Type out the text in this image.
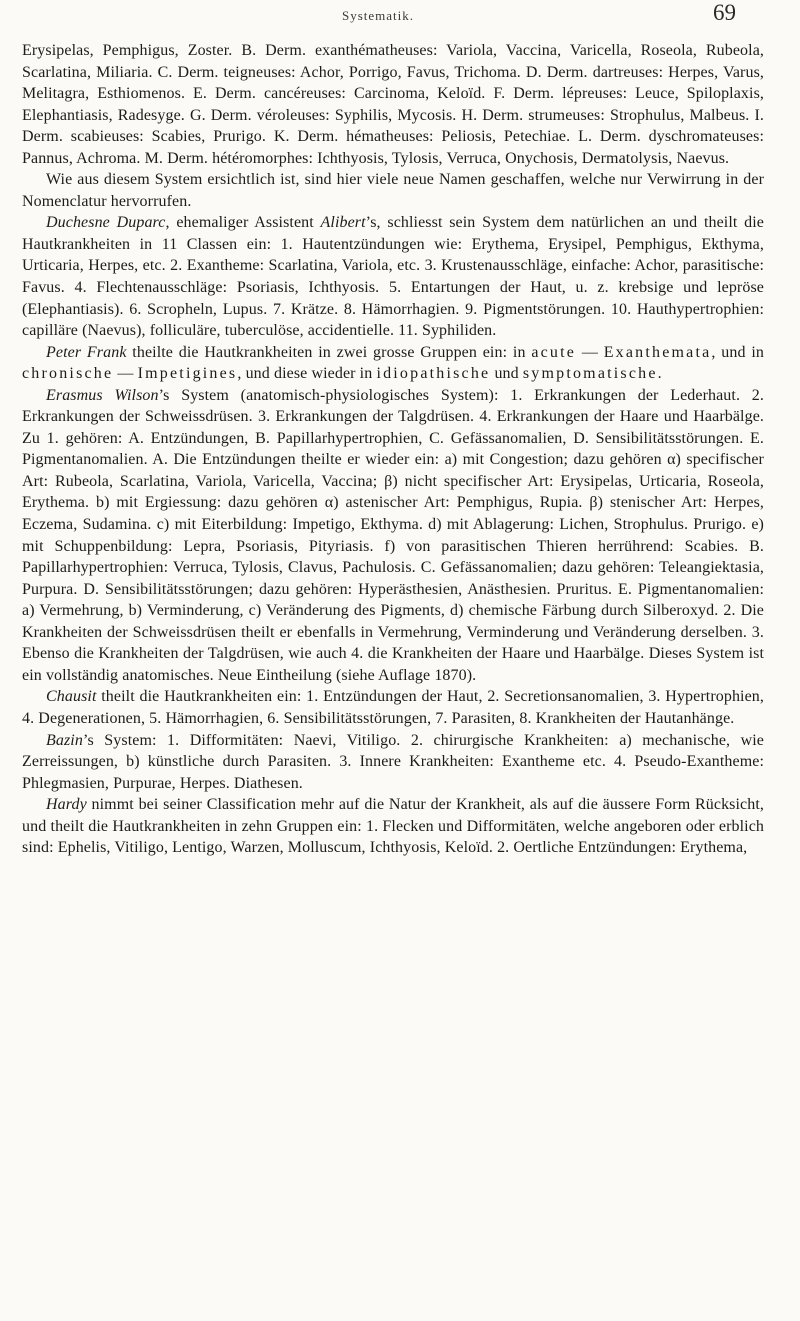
Systematik.	69

Erysipelas, Pemphigus, Zoster. B. Derm. exanthématheuses: Variola, Vaccina, Varicella, Roseola, Rubeola, Scarlatina, Miliaria. C. Derm. teigneuses: Achor, Porrigo, Favus, Trichoma. D. Derm. dartreuses: Herpes, Varus, Melitagra, Esthiomenos. E. Derm. cancéreuses: Carcinoma, Keloïd. F. Derm. lépreuses: Leuce, Spiloplaxis, Elephantiasis, Radesyge. G. Derm. véroleuses: Syphilis, Mycosis. H. Derm. strumeuses: Strophulus, Malbeus. I. Derm. scabieuses: Scabies, Prurigo. K. Derm. hématheuses: Peliosis, Petechiae. L. Derm. dyschromateuses: Pannus, Achroma. M. Derm. hétéromorphes: Ichthyosis, Tylosis, Verruca, Onychosis, Dermatolysis, Naevus.

Wie aus diesem System ersichtlich ist, sind hier viele neue Namen geschaffen, welche nur Verwirrung in der Nomenclatur hervorrufen.

Duchesne Duparc, ehemaliger Assistent Alibert’s, schliesst sein System dem natürlichen an und theilt die Hautkrankheiten in 11 Classen ein: 1. Hautentzündungen wie: Erythema, Erysipel, Pemphigus, Ekthyma, Urticaria, Herpes, etc. 2. Exantheme: Scarlatina, Variola, etc. 3. Krustenausschläge, einfache: Achor, parasitische: Favus. 4. Flechtenausschläge: Psoriasis, Ichthyosis. 5. Entartungen der Haut, u. z. krebsige und lepröse (Elephantiasis). 6. Scropheln, Lupus. 7. Krätze. 8. Hämorrhagien. 9. Pigmentstörungen. 10. Hauthypertrophien: capilläre (Naevus), folliculäre, tuberculöse, accidentielle. 11. Syphiliden.

Peter Frank theilte die Hautkrankheiten in zwei grosse Gruppen ein: in acute — Exanthemata, und in chronische — Impetigines, und diese wieder in idiopathische und symptomatische.

Erasmus Wilson’s System (anatomisch-physiologisches System): 1. Erkrankungen der Lederhaut. 2. Erkrankungen der Schweissdrüsen. 3. Erkrankungen der Talgdrüsen. 4. Erkrankungen der Haare und Haarbälge. Zu 1. gehören: A. Entzündungen, B. Papillarhypertrophien, C. Gefässanomalien, D. Sensibilitätsstörungen. E. Pigmentanomalien. A. Die Entzündungen theilte er wieder ein: a) mit Congestion; dazu gehören α) specifischer Art: Rubeola, Scarlatina, Variola, Varicella, Vaccina; β) nicht specifischer Art: Erysipelas, Urticaria, Roseola, Erythema. b) mit Ergiessung: dazu gehören α) astenischer Art: Pemphigus, Rupia. β) stenischer Art: Herpes, Eczema, Sudamina. c) mit Eiterbildung: Impetigo, Ekthyma. d) mit Ablagerung: Lichen, Strophulus. Prurigo. e) mit Schuppenbildung: Lepra, Psoriasis, Pityriasis. f) von parasitischen Thieren herrührend: Scabies. B. Papillarhypertrophien: Verruca, Tylosis, Clavus, Pachulosis. C. Gefässanomalien; dazu gehören: Teleangiektasia, Purpura. D. Sensibilitätsstörungen; dazu gehören: Hyperästhesien, Anästhesien. Pruritus. E. Pigmentanomalien: a) Vermehrung, b) Verminderung, c) Veränderung des Pigments, d) chemische Färbung durch Silberoxyd. 2. Die Krankheiten der Schweissdrüsen theilt er ebenfalls in Vermehrung, Verminderung und Veränderung derselben. 3. Ebenso die Krankheiten der Talgdrüsen, wie auch 4. die Krankheiten der Haare und Haarbälge. Dieses System ist ein vollständig anatomisches. Neue Eintheilung (siehe Auflage 1870).

Chausit theilt die Hautkrankheiten ein: 1. Entzündungen der Haut, 2. Secretionsanomalien, 3. Hypertrophien, 4. Degenerationen, 5. Hämorrhagien, 6. Sensibilitätsstörungen, 7. Parasiten, 8. Krankheiten der Hautanhänge.

Bazin’s System: 1. Difformitäten: Naevi, Vitiligo. 2. chirurgische Krankheiten: a) mechanische, wie Zerreissungen, b) künstliche durch Parasiten. 3. Innere Krankheiten: Exantheme etc. 4. Pseudo-Exantheme: Phlegmasien, Purpurae, Herpes. Diathesen.

Hardy nimmt bei seiner Classification mehr auf die Natur der Krankheit, als auf die äussere Form Rücksicht, und theilt die Hautkrankheiten in zehn Gruppen ein: 1. Flecken und Difformitäten, welche angeboren oder erblich sind: Ephelis, Vitiligo, Lentigo, Warzen, Molluscum, Ichthyosis, Keloïd. 2. Oertliche Entzündungen: Erythema,
